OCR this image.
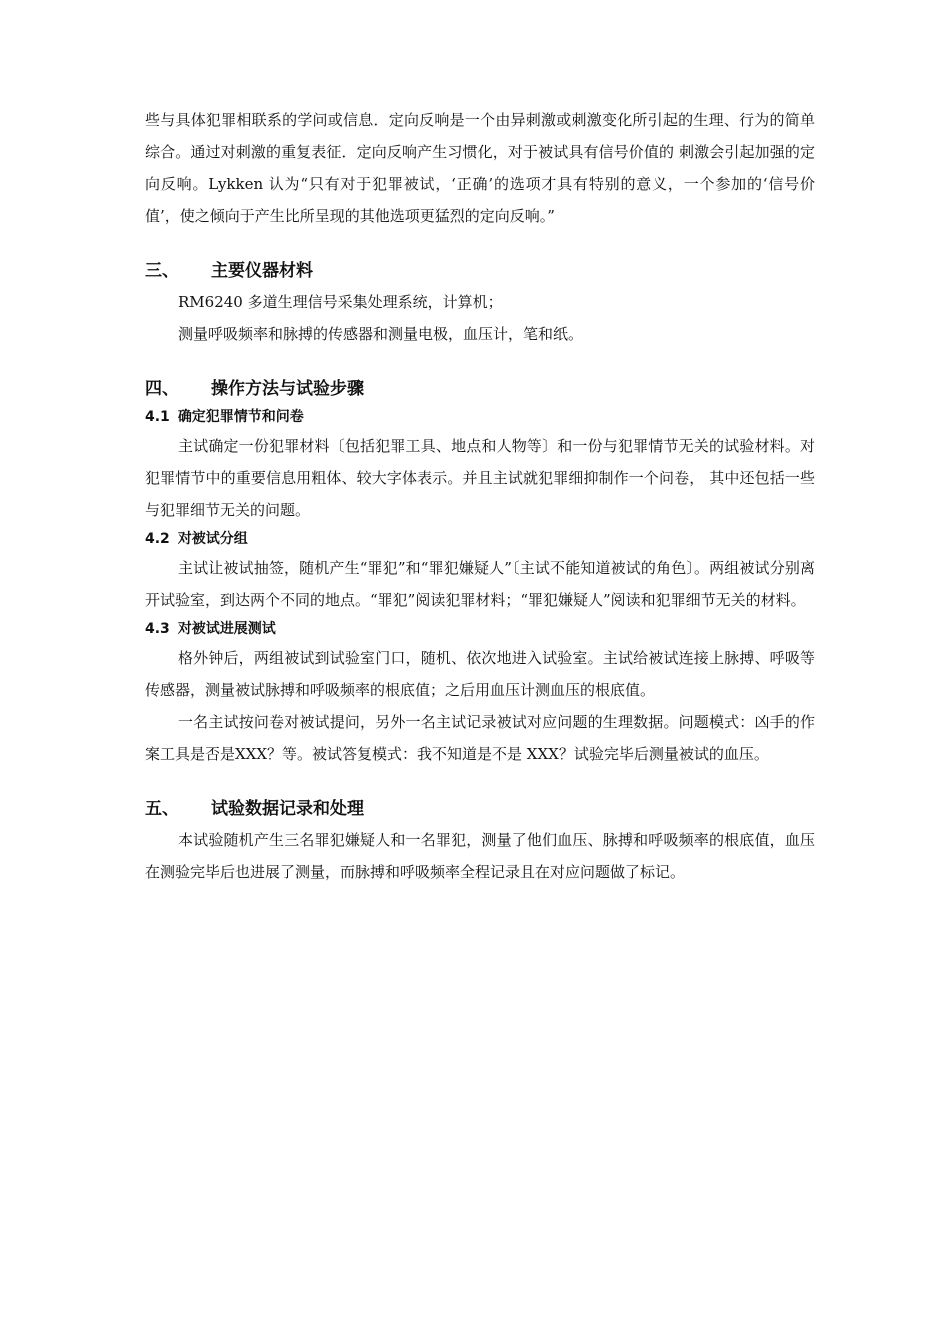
些与具体犯罪相联系的学问或信息．定向反响是一个由异刺激或刺激变化所引起的生理、行为的简单综合。通过对刺激的重复表征．定向反响产生习惯化，对于被试具有信号价值的 刺激会引起加强的定向反响。Lykken 认为“只有对于犯罪被试，‘正确’的选项才具有特别的意义，一个参加的‘信号价值’，使之倾向于产生比所呈现的其他选项更猛烈的定向反响。”

三、	主要仪器材料

RM6240 多道生理信号采集处理系统，计算机；

测量呼吸频率和脉搏的传感器和测量电极，血压计，笔和纸。

四、	操作方法与试验步骤
4.1 确定犯罪情节和问卷

主试确定一份犯罪材料〔包括犯罪工具、地点和人物等〕和一份与犯罪情节无关的试验材料。对犯罪情节中的重要信息用粗体、较大字体表示。并且主试就犯罪细抑制作一个问卷， 其中还包括一些与犯罪细节无关的问题。

4.2 对被试分组

主试让被试抽签，随机产生“罪犯”和“罪犯嫌疑人”〔主试不能知道被试的角色〕。两组被试分别离开试验室，到达两个不同的地点。“罪犯”阅读犯罪材料；“罪犯嫌疑人”阅读和犯罪细节无关的材料。

4.3 对被试进展测试

格外钟后，两组被试到试验室门口，随机、依次地进入试验室。主试给被试连接上脉搏、呼吸等传感器，测量被试脉搏和呼吸频率的根底值；之后用血压计测血压的根底值。

一名主试按问卷对被试提问，另外一名主试记录被试对应问题的生理数据。问题模式：凶手的作案工具是否是XXX？等。被试答复模式：我不知道是不是 XXX？试验完毕后测量被试的血压。

五、	试验数据记录和处理

本试验随机产生三名罪犯嫌疑人和一名罪犯，测量了他们血压、脉搏和呼吸频率的根底值，血压在测验完毕后也进展了测量，而脉搏和呼吸频率全程记录且在对应问题做了标记。
